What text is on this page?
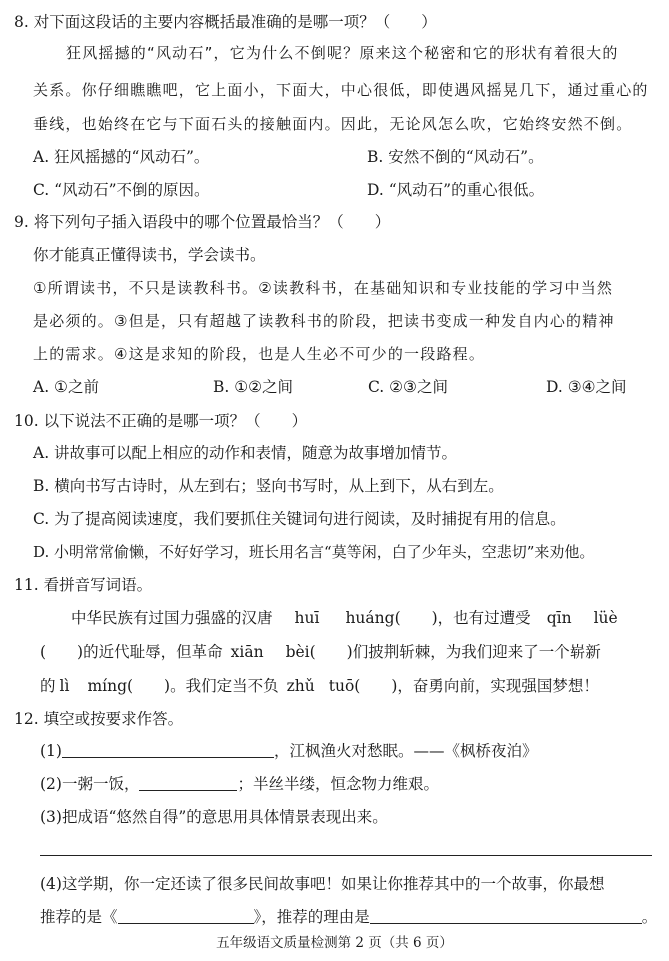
8. 对下面这段话的主要内容概括最准确的是哪一项？（　　）
狂风摇撼的“风动石”，它为什么不倒呢？原来这个秘密和它的形状有着很大的
关系。你仔细瞧瞧吧，它上面小，下面大，中心很低，即使遇风摇晃几下，通过重心的
垂线，也始终在它与下面石头的接触面内。因此，无论风怎么吹，它始终安然不倒。
A. 狂风摇撼的“风动石”。	B. 安然不倒的“风动石”。
C. “风动石”不倒的原因。	D. “风动石”的重心很低。
9. 将下列句子插入语段中的哪个位置最恰当？（　　）
你才能真正懂得读书，学会读书。
①所谓读书，不只是读教科书。②读教科书，在基础知识和专业技能的学习中当然
是必须的。③但是，只有超越了读教科书的阶段，把读书变成一种发自内心的精神
上的需求。④这是求知的阶段，也是人生必不可少的一段路程。
A. ①之前	B. ①②之间	C. ②③之间	D. ③④之间
10. 以下说法不正确的是哪一项？（　　）
A. 讲故事可以配上相应的动作和表情，随意为故事增加情节。
B. 横向书写古诗时，从左到右；竖向书写时，从上到下，从右到左。
C. 为了提高阅读速度，我们要抓住关键词句进行阅读，及时捕捉有用的信息。
D. 小明常常偷懒，不好好学习，班长用名言“莫等闲，白了少年头，空悲切”来劝他。
11. 看拼音写词语。
中华民族有过国力强盛的汉唐 huī huáng(　　)，也有过遭受 qīn lüè
(　　)的近代耻辱，但革命 xiān bèi(　　)们披荆斩棘，为我们迎来了一个崭新
的 lì míng(　　)。我们定当不负 zhǔ tuō(　　)，奋勇向前，实现强国梦想！
12. 填空或按要求作答。
(1)	，江枫渔火对愁眠。——《枫桥夜泊》
(2)一粥一饭，	；半丝半缕，恒念物力维艰。
(3)把成语“悠然自得”的意思用具体情景表现出来。
(4)这学期，你一定还读了很多民间故事吧！如果让你推荐其中的一个故事，你最想
推荐的是《	》，推荐的理由是	。
五年级语文质量检测第 2 页（共 6 页）
